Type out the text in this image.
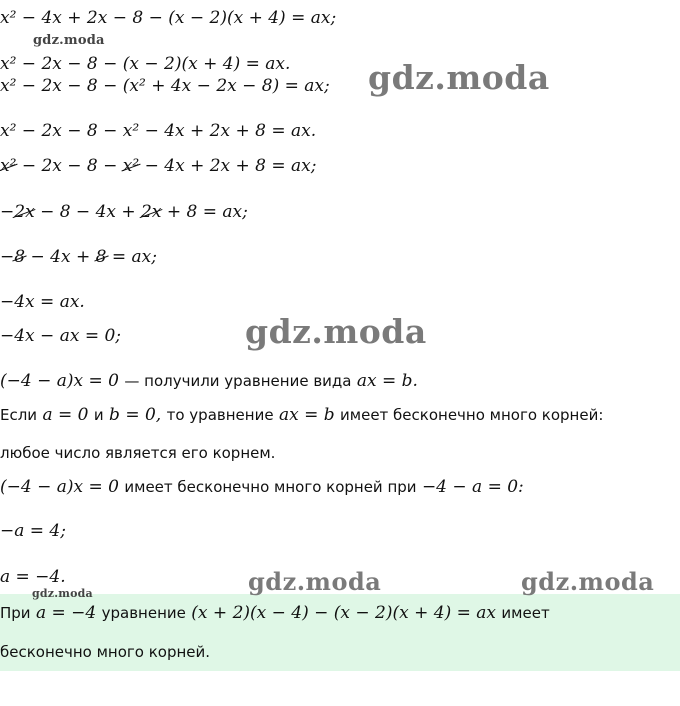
gdz.moda
gdz.moda
gdz.moda
gdz.moda	gdz.moda
gdz.moda
x² − 4x + 2x − 8 − (x − 2)(x + 4) = ax;
x² − 2x − 8 − (x − 2)(x + 4) = ax.
x² − 2x − 8 − (x² + 4x − 2x − 8) = ax;
x² − 2x − 8 − x² − 4x + 2x + 8 = ax.
x² − 2x − 8 − x² − 4x + 2x + 8 = ax;
−2x − 8 − 4x + 2x + 8 = ax;
−8 − 4x + 8 = ax;
−4x = ax.
−4x − ax = 0;
(−4 − a)x = 0 — получили уравнение вида ax = b.
Если a = 0 и b = 0, то уравнение ax = b имеет бесконечно много корней:
любое число является его корнем.
(−4 − a)x = 0 имеет бесконечно много корней при −4 − a = 0:
−a = 4;
a = −4.
При a = −4 уравнение (x + 2)(x − 4) − (x − 2)(x + 4) = ax имеет
бесконечно много корней.
